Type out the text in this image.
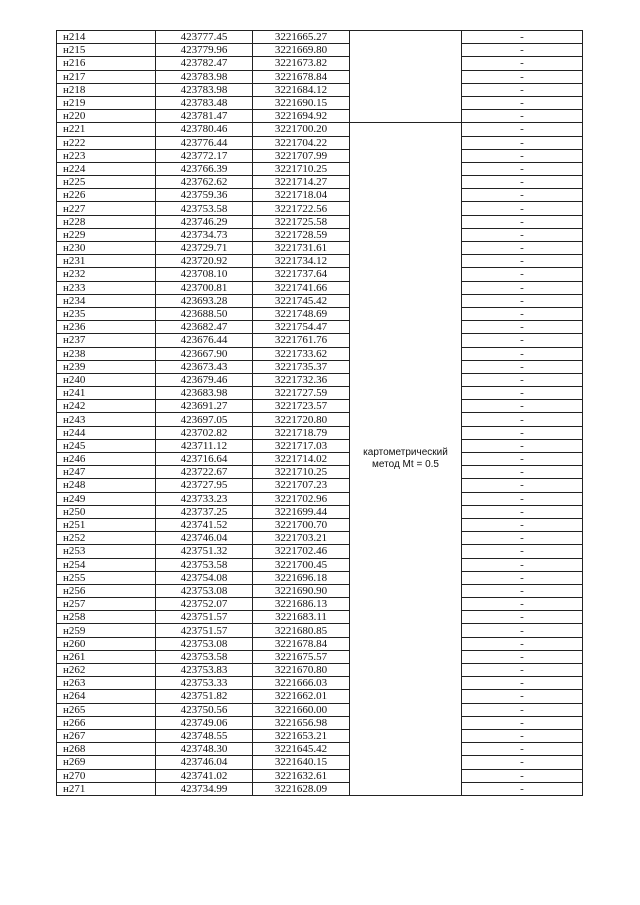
н214	423777.45	3221665.27		-
н215	423779.96	3221669.80		-
н216	423782.47	3221673.82		-
н217	423783.98	3221678.84		-
н218	423783.98	3221684.12		-
н219	423783.48	3221690.15		-
н220	423781.47	3221694.92		-
н221	423780.46	3221700.20	картометрический метод Mt = 0.5	-
н222	423776.44	3221704.22		-
н223	423772.17	3221707.99		-
н224	423766.39	3221710.25		-
н225	423762.62	3221714.27		-
н226	423759.36	3221718.04		-
н227	423753.58	3221722.56		-
н228	423746.29	3221725.58		-
н229	423734.73	3221728.59		-
н230	423729.71	3221731.61		-
н231	423720.92	3221734.12		-
н232	423708.10	3221737.64		-
н233	423700.81	3221741.66		-
н234	423693.28	3221745.42		-
н235	423688.50	3221748.69		-
н236	423682.47	3221754.47		-
н237	423676.44	3221761.76		-
н238	423667.90	3221733.62		-
н239	423673.43	3221735.37		-
н240	423679.46	3221732.36		-
н241	423683.98	3221727.59		-
н242	423691.27	3221723.57		-
н243	423697.05	3221720.80		-
н244	423702.82	3221718.79		-
н245	423711.12	3221717.03		-
н246	423716.64	3221714.02		-
н247	423722.67	3221710.25		-
н248	423727.95	3221707.23		-
н249	423733.23	3221702.96		-
н250	423737.25	3221699.44		-
н251	423741.52	3221700.70		-
н252	423746.04	3221703.21		-
н253	423751.32	3221702.46		-
н254	423753.58	3221700.45		-
н255	423754.08	3221696.18		-
н256	423753.08	3221690.90		-
н257	423752.07	3221686.13		-
н258	423751.57	3221683.11		-
н259	423751.57	3221680.85		-
н260	423753.08	3221678.84		-
н261	423753.58	3221675.57		-
н262	423753.83	3221670.80		-
н263	423753.33	3221666.03		-
н264	423751.82	3221662.01		-
н265	423750.56	3221660.00		-
н266	423749.06	3221656.98		-
н267	423748.55	3221653.21		-
н268	423748.30	3221645.42		-
н269	423746.04	3221640.15		-
н270	423741.02	3221632.61		-
н271	423734.99	3221628.09		-
